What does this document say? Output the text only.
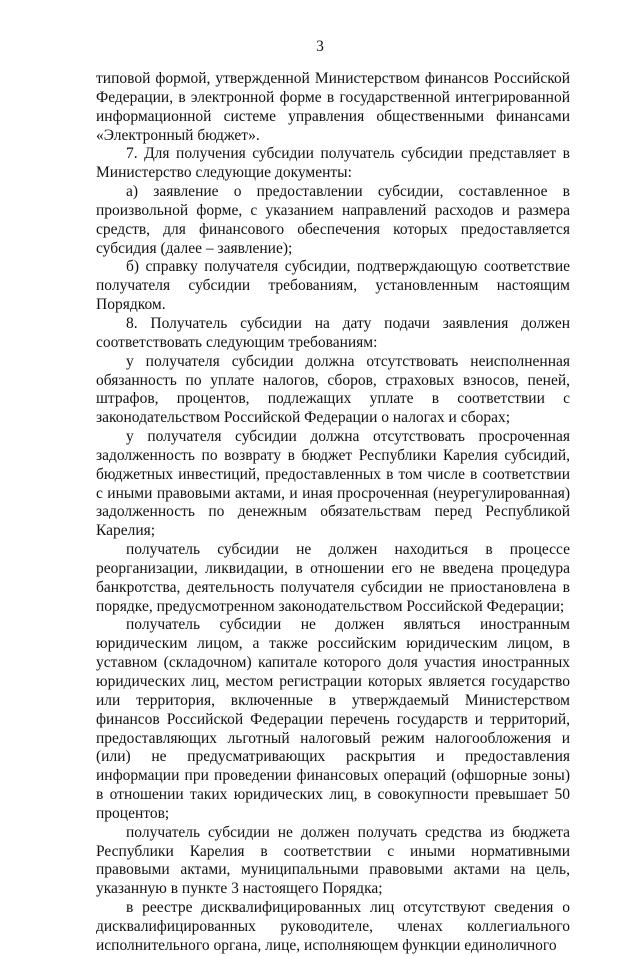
3

типовой формой, утвержденной Министерством финансов Российской Федерации, в электронной форме в государственной интегрированной информационной системе управления общественными финансами «Электронный бюджет».

7. Для получения субсидии получатель субсидии представляет в Министерство следующие документы:

а) заявление о предоставлении субсидии, составленное в произвольной форме, с указанием направлений расходов и размера средств, для финансового обеспечения которых предоставляется субсидия (далее – заявление);

б) справку получателя субсидии, подтверждающую соответствие получателя субсидии требованиям, установленным настоящим Порядком.

8. Получатель субсидии на дату подачи заявления должен соответствовать следующим требованиям:

у получателя субсидии должна отсутствовать неисполненная обязанность по уплате налогов, сборов, страховых взносов, пеней, штрафов, процентов, подлежащих уплате в соответствии с законодательством Российской Федерации о налогах и сборах;

у получателя субсидии должна отсутствовать просроченная задолженность по возврату в бюджет Республики Карелия субсидий, бюджетных инвестиций, предоставленных в том числе в соответствии с иными правовыми актами, и иная просроченная (неурегулированная) задолженность по денежным обязательствам перед Республикой Карелия;

получатель субсидии не должен находиться в процессе реорганизации, ликвидации, в отношении его не введена процедура банкротства, деятельность получателя субсидии не приостановлена в порядке, предусмотренном законодательством Российской Федерации;

получатель субсидии не должен являться иностранным юридическим лицом, а также российским юридическим лицом, в уставном (складочном) капитале которого доля участия иностранных юридических лиц, местом регистрации которых является государство или территория, включенные в утверждаемый Министерством финансов Российской Федерации перечень государств и территорий, предоставляющих льготный налоговый режим налогообложения и (или) не предусматривающих раскрытия и предоставления информации при проведении финансовых операций (офшорные зоны) в отношении таких юридических лиц, в совокупности превышает 50 процентов;

получатель субсидии не должен получать средства из бюджета Республики Карелия в соответствии с иными нормативными правовыми актами, муниципальными правовыми актами на цель, указанную в пункте 3 настоящего Порядка;

в реестре дисквалифицированных лиц отсутствуют сведения о дисквалифицированных руководителе, членах коллегиального исполнительного органа, лице, исполняющем функции единоличного
